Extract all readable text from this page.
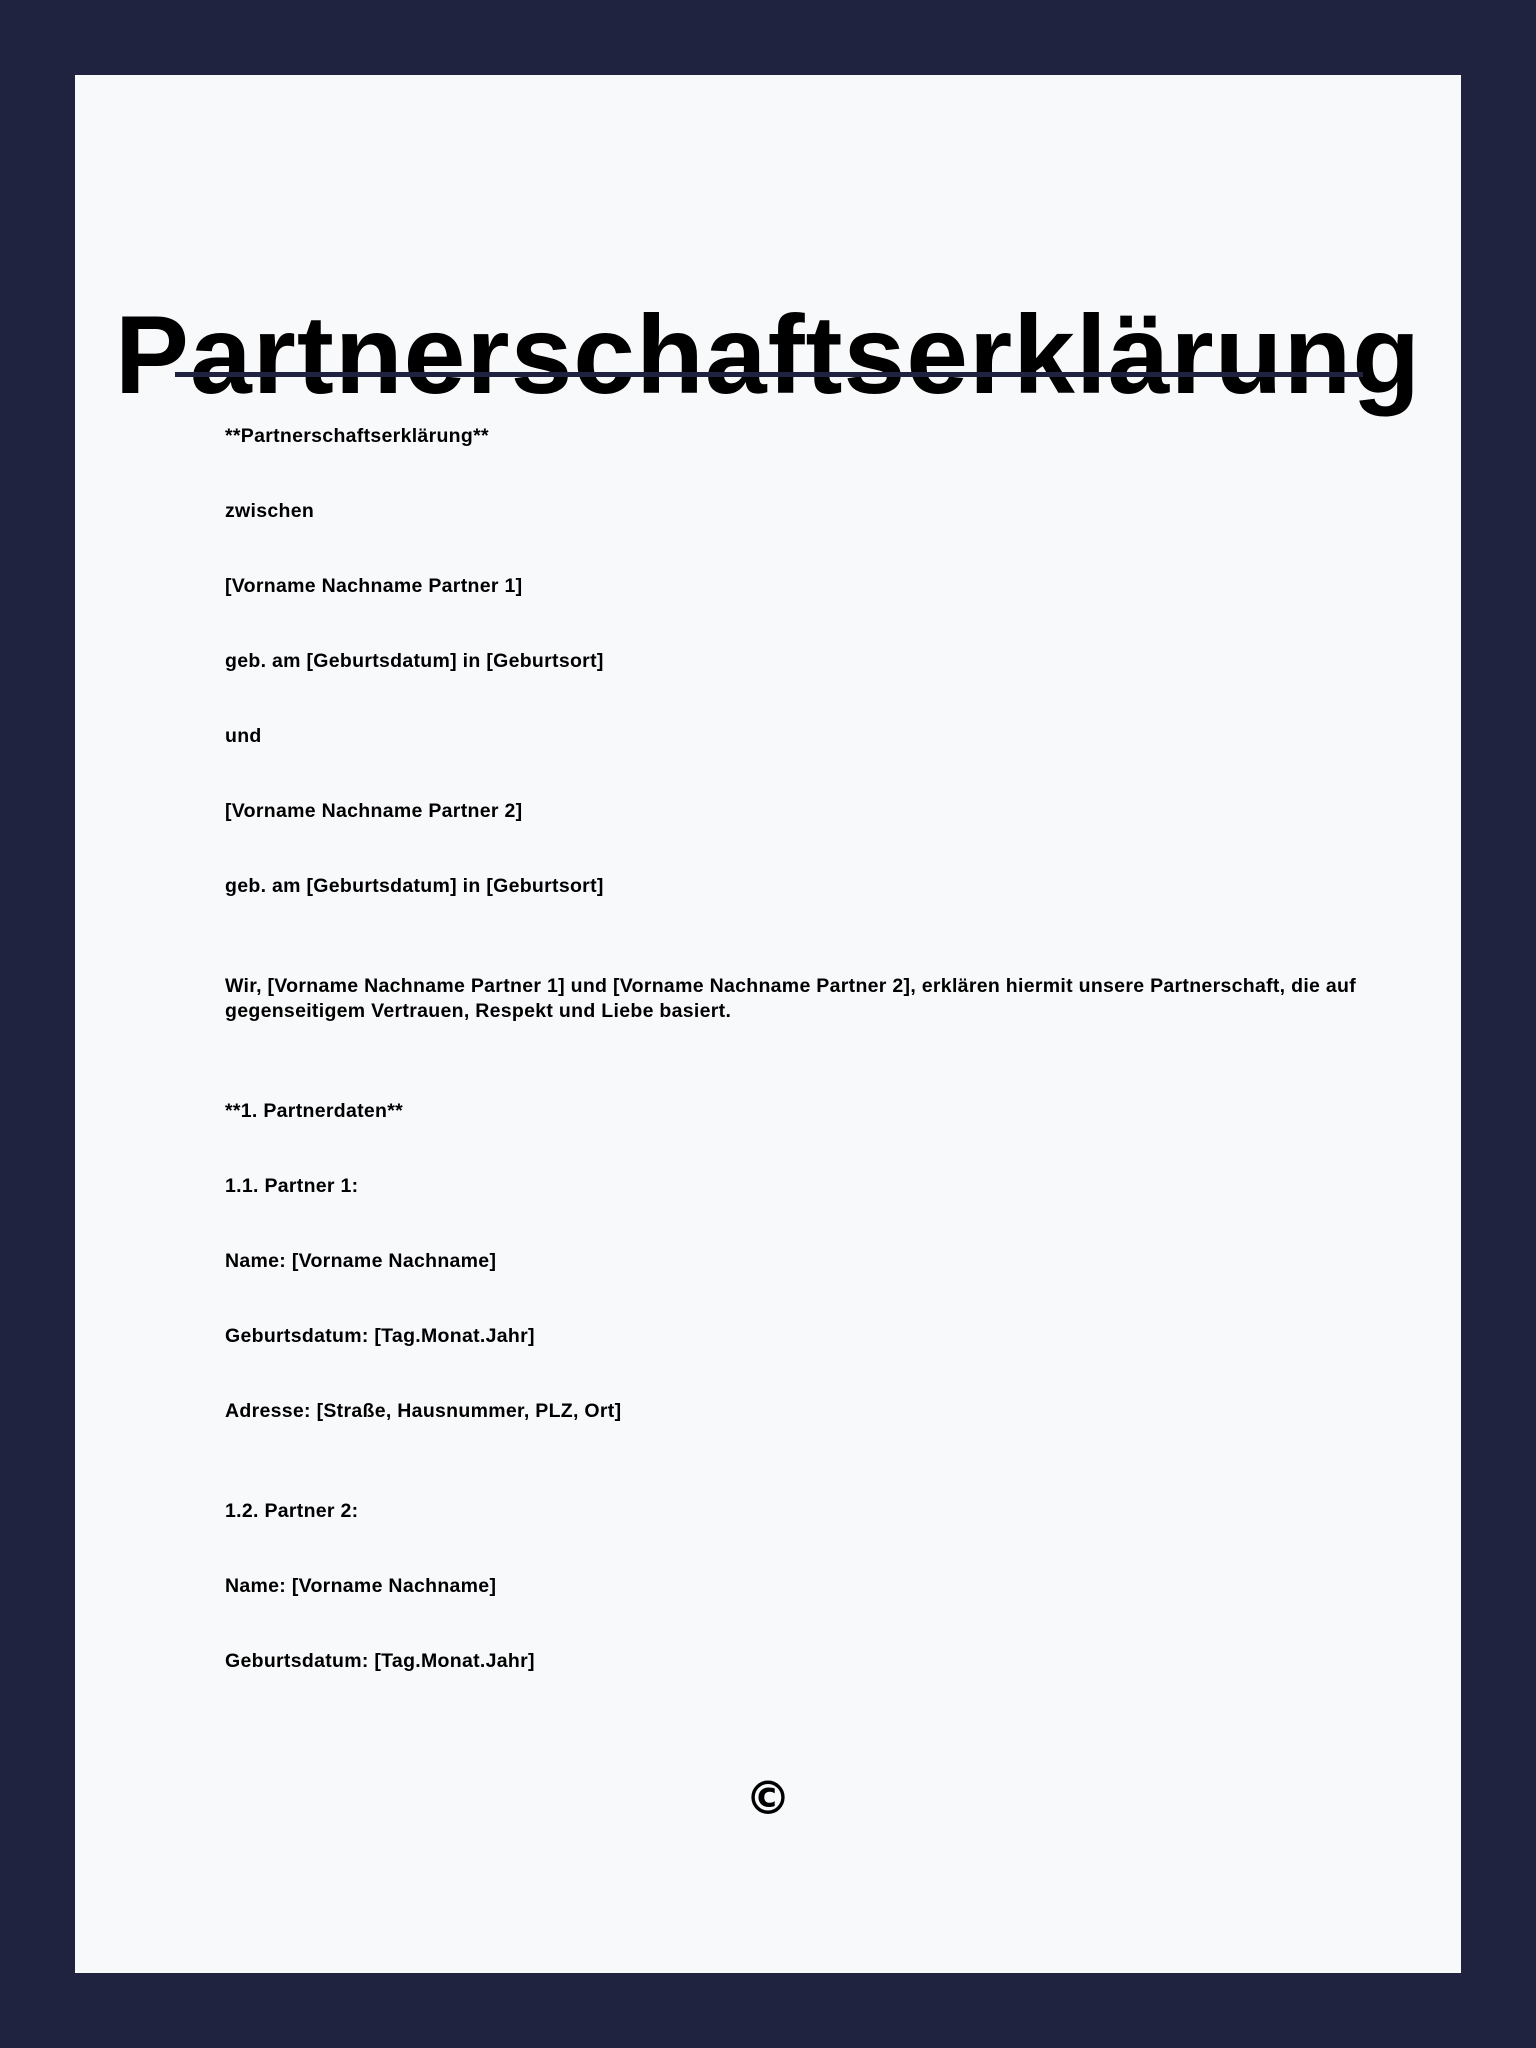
Partnerschaftserklärung

**Partnerschaftserklärung**

zwischen

[Vorname Nachname Partner 1]

geb. am [Geburtsdatum] in [Geburtsort]

und

[Vorname Nachname Partner 2]

geb. am [Geburtsdatum] in [Geburtsort]

Wir, [Vorname Nachname Partner 1] und [Vorname Nachname Partner 2], erklären hiermit unsere Partnerschaft, die auf gegenseitigem Vertrauen, Respekt und Liebe basiert.

**1. Partnerdaten**

1.1. Partner 1:

Name: [Vorname Nachname]

Geburtsdatum: [Tag.Monat.Jahr]

Adresse: [Straße, Hausnummer, PLZ, Ort]

1.2. Partner 2:

Name: [Vorname Nachname]

Geburtsdatum: [Tag.Monat.Jahr]

©
